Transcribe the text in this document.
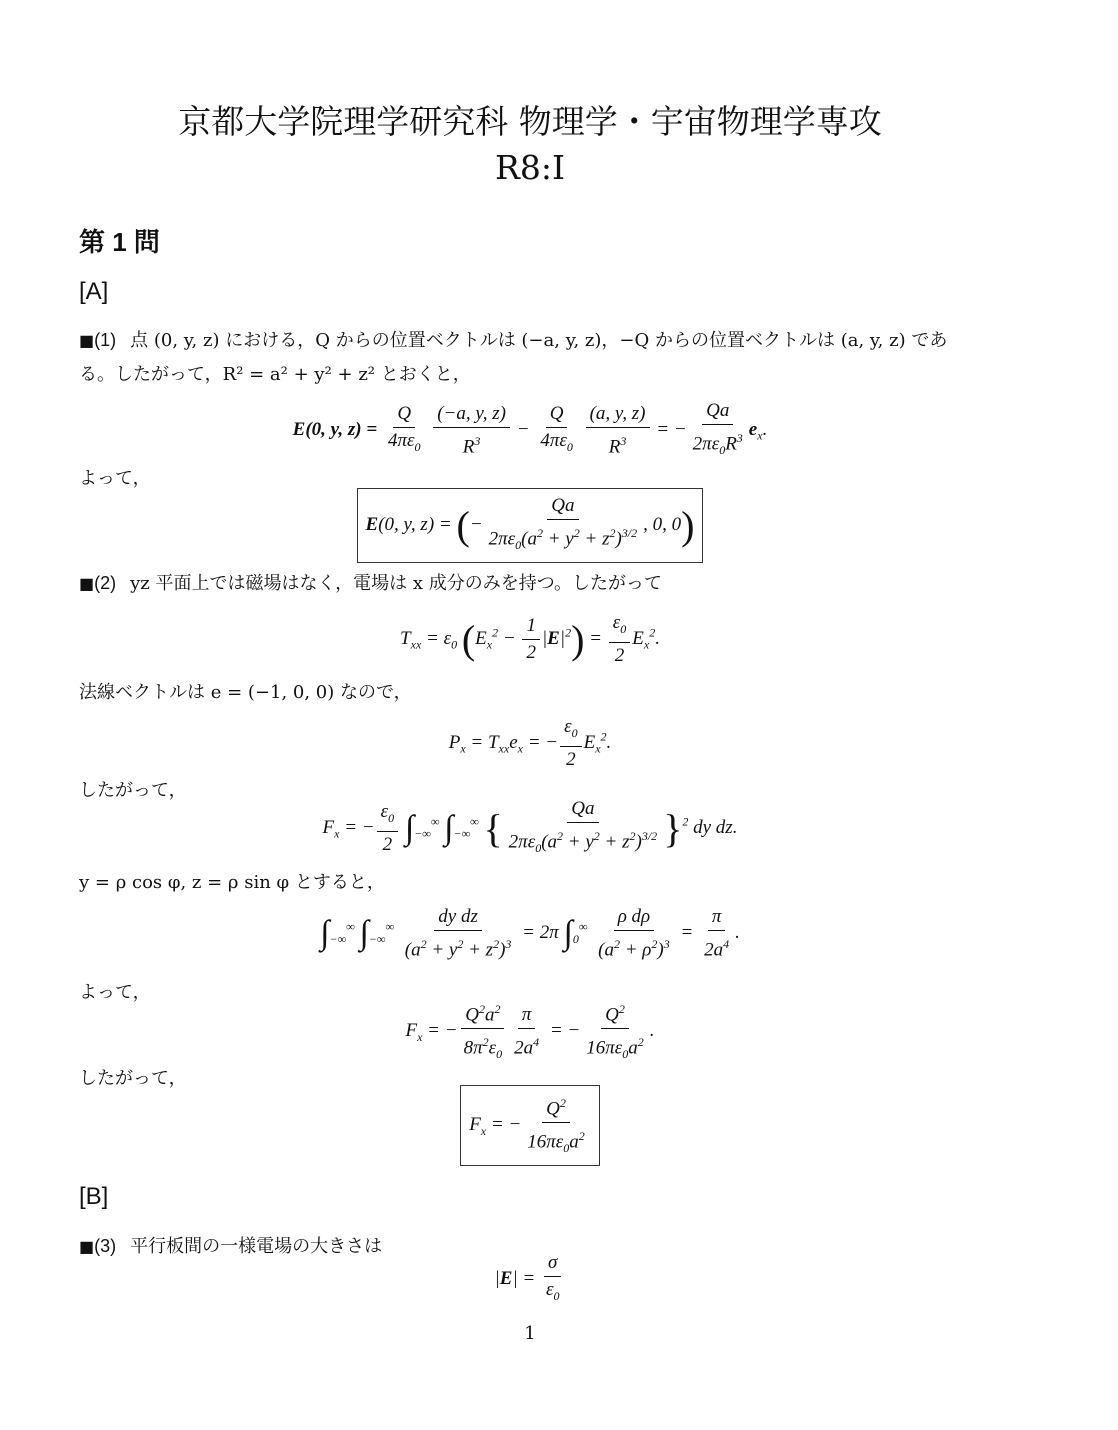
京都大学院理学研究科 物理学・宇宙物理学専攻
R8:I
第 1 問
[A]
■(1) 点 (0, y, z) における，Q からの位置ベクトルは (−a, y, z)，−Q からの位置ベクトルは (a, y, z) であ
る。したがって，R² = a² + y² + z² とおくと，
E(0, y, $z) = \frac{Q}{4\pi\varepsilon_0}$
$\frac{(-a, y, z)}{R^3} - \frac{Q}{4\pi\varepsilon_0}$
$\frac{(a, y, z)}{R^3}$ = − $\frac{Qa}{2\pi\varepsilon_0R^3} e_x$.
よって，
E(0, y, z) = (− $\frac{Qa}{2\pi\varepsilon_0(a^2 + y^2 + z^2)^{3/2}}$ , 0, 0)
■(2) yz 平面上では磁場はなく，電場は x 成分のみを持つ。したがって
$T_{xx} = \varepsilon_0$ $(E_x^2 - \frac{1}{2} |E|^2) = \frac{\varepsilon_0}{2} E_x^2$.
法線ベクトルは e = (−1, 0, 0) なので，
$P_x = T_{xx}e_x$ = − $\frac{\varepsilon_0}{2} E_x^2$.
したがって，
$F_x$ = − $\frac{\varepsilon_0}{2} \int_{-\infty}^\infty$ $\int_{-\infty}^\infty$ { $\frac{Qa}{2\pi\varepsilon_0(a^2 + y^2 + z^2)^{3/2}} \}^2$ dy dz.
y = ρ cos φ, z = ρ sin φ とすると，
$\int_{-\infty}^\infty$ $\int_{-\infty}^\infty \frac{\text{dy dz}}{(a^2 + y^2 + z^2)^3} = 2\pi$ $\int_0^\infty \frac{\text{ρ dρ}}{(a^2 + \rho^2)^3} = \frac{\pi}{2a^4}$ .
よって，
$F_x$ = − $\frac{Q^2a^2}{8\pi^2\varepsilon_0} \frac{\pi}{2a^4}$ = − $\frac{Q^2}{16\pi\varepsilon_0a^2}$ .
したがって，
$F_x$ = − $\frac{Q^2}{16\pi\varepsilon_0a^2}$
[B]
■(3) 平行板間の一様電場の大きさは
$|E| = \frac{\sigma}{\varepsilon_0}$
1
